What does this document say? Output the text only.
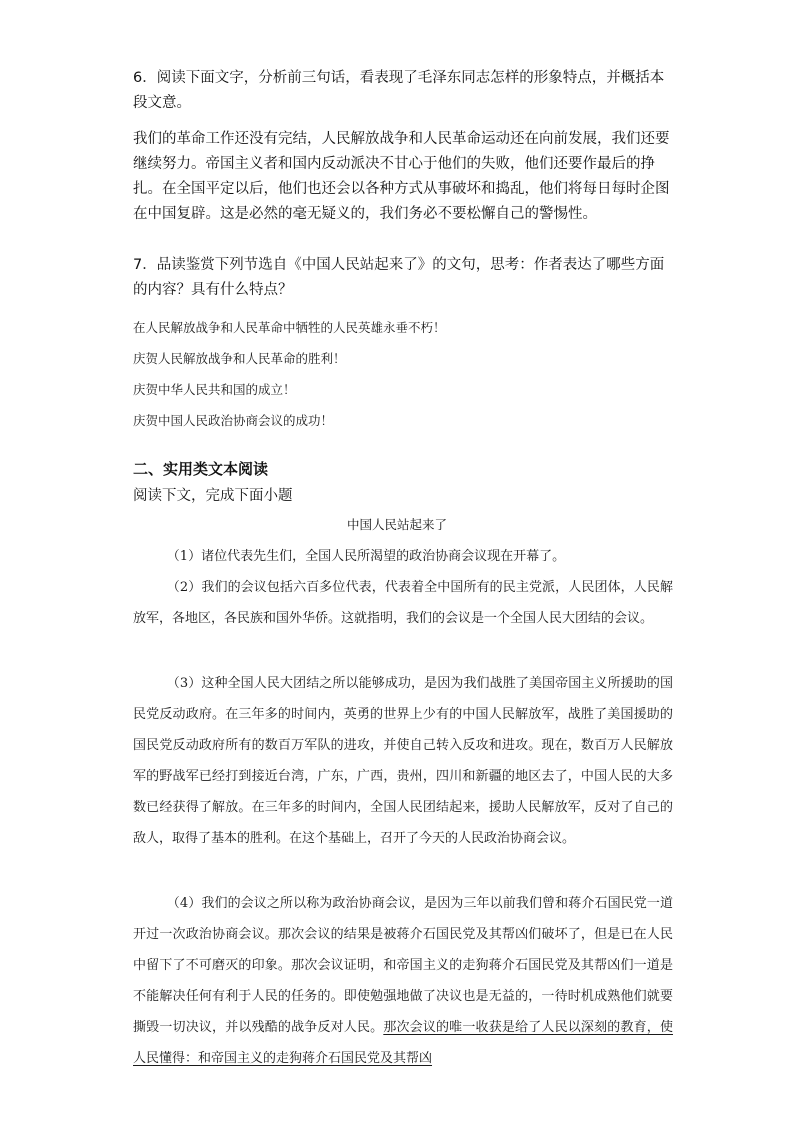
6．阅读下面文字，分析前三句话，看表现了毛泽东同志怎样的形象特点，并概括本段文意。

我们的革命工作还没有完结，人民解放战争和人民革命运动还在向前发展，我们还要继续努力。帝国主义者和国内反动派决不甘心于他们的失败，他们还要作最后的挣扎。在全国平定以后，他们也还会以各种方式从事破坏和捣乱，他们将每日每时企图在中国复辟。这是必然的毫无疑义的，我们务必不要松懈自己的警惕性。

7．品读鉴赏下列节选自《中国人民站起来了》的文句，思考：作者表达了哪些方面的内容？具有什么特点？

在人民解放战争和人民革命中牺牲的人民英雄永垂不朽！

庆贺人民解放战争和人民革命的胜利！

庆贺中华人民共和国的成立！

庆贺中国人民政治协商会议的成功！

二、实用类文本阅读

阅读下文，完成下面小题

中国人民站起来了

（1）诸位代表先生们，全国人民所渴望的政治协商会议现在开幕了。

（2）我们的会议包括六百多位代表，代表着全中国所有的民主党派，人民团体，人民解放军，各地区，各民族和国外华侨。这就指明，我们的会议是一个全国人民大团结的会议。

（3）这种全国人民大团结之所以能够成功，是因为我们战胜了美国帝国主义所援助的国民党反动政府。在三年多的时间内，英勇的世界上少有的中国人民解放军，战胜了美国援助的国民党反动政府所有的数百万军队的进攻，并使自己转入反攻和进攻。现在，数百万人民解放军的野战军已经打到接近台湾，广东，广西，贵州，四川和新疆的地区去了，中国人民的大多数已经获得了解放。在三年多的时间内，全国人民团结起来，援助人民解放军，反对了自己的敌人，取得了基本的胜利。在这个基础上，召开了今天的人民政治协商会议。

（4）我们的会议之所以称为政治协商会议，是因为三年以前我们曾和蒋介石国民党一道开过一次政治协商会议。那次会议的结果是被蒋介石国民党及其帮凶们破坏了，但是已在人民中留下了不可磨灭的印象。那次会议证明，和帝国主义的走狗蒋介石国民党及其帮凶们一道是不能解决任何有利于人民的任务的。即使勉强地做了决议也是无益的，一待时机成熟他们就要撕毁一切决议，并以残酷的战争反对人民。那次会议的唯一收获是给了人民以深刻的教育，使人民懂得：和帝国主义的走狗蒋介石国民党及其帮凶
